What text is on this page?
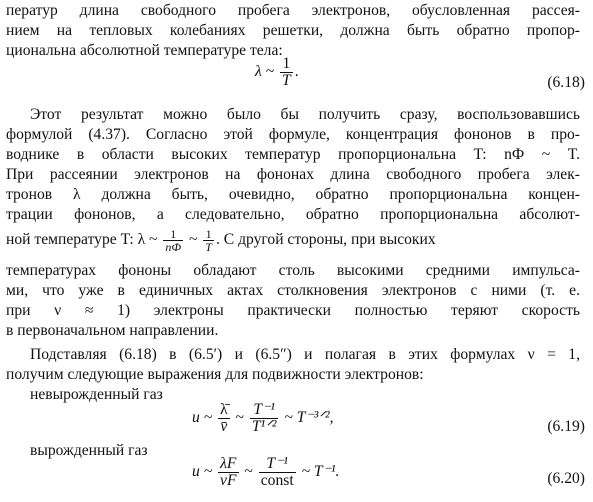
ператур длина свободного пробега электронов, обусловленная рассея-
нием на тепловых колебаниях решетки, должна быть обратно пропор-
циональна абсолютной температуре тела:
λ ~ $\frac{1}{T}$ .
(6.18)
Этот результат можно было бы получить сразу, воспользовавшись
формулой (4.37). Согласно этой формуле, концентрация фононов в про-
воднике в области высоких температур пропорциональна T: nФ ~ T.
При рассеянии электронов на фононах длина свободного пробега элек-
тронов λ должна быть, очевидно, обратно пропорциональна концен-
трации фононов, а следовательно, обратно пропорциональна абсолют-
ной температуре T: λ ~ $\frac{1}{nФ}$ ~ $\frac{1}{T}$ . С другой стороны, при высоких
температурах фононы обладают столь высокими средними импульса-
ми, что уже в единичных актах столкновения электронов с ними (т. е.
при ν ≈ 1) электроны практически полностью теряют скорость
в первоначальном направлении.
Подставляя (6.18) в (6.5′) и (6.5″) и полагая в этих формулах ν = 1,
получим следующие выражения для подвижности электронов:
невырожденный газ
u ~ $\frac{\lambdā}{v̄}$ ~ $\frac{\text{T⁻¹}}{\text{T¹ᐟ²}}$ ~ T⁻³ᐟ²,
(6.19)
вырожденный газ
u ~ $\frac{\lambda F}{vF}$ ~ $\frac{\text{T⁻¹}}{\text{const}}$ ~ T⁻¹.	(6.20)
